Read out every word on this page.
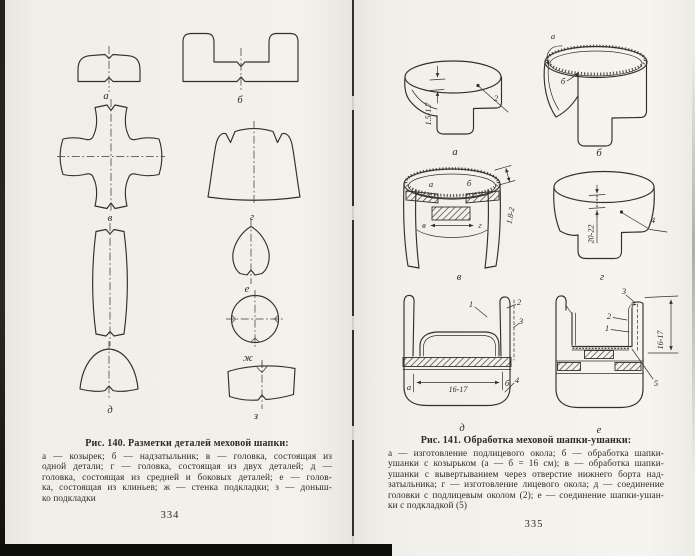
а	б
в	г
д
е
ж
з
1.5-1.7
2
а
а
б
б
а	б
в	г
1.8-2
в
20-22
4
г
16-17
а	б
1	2
3
4
д
16-17
3
2
1
5
е
Рис. 140. Разметки деталей меховой шапки:
а — козырек; б — надзатыльник; в — головка, состоящая из
одной детали; г — головка, состоящая из двух деталей; д —
головка, состоящая из средней и боковых деталей; е — голов-
ка, состоящая из клиньев; ж — стенка подкладки; з — доныш-
ко подкладки
Рис. 141. Обработка меховой шапки-ушанки:
а — изготовление подлицевого окола; б — обработка шапки-
ушанки с козырьком (а — б = 16 см); в — обработка шапки-
ушанки с вывертыванием через отверстие нижнего борта над-
затыльника; г — изготовление лицевого окола; д — соединение
головки с подлицевым околом (2); е — соединение шапки-ушан-
ки с подкладкой (5)
334
335
